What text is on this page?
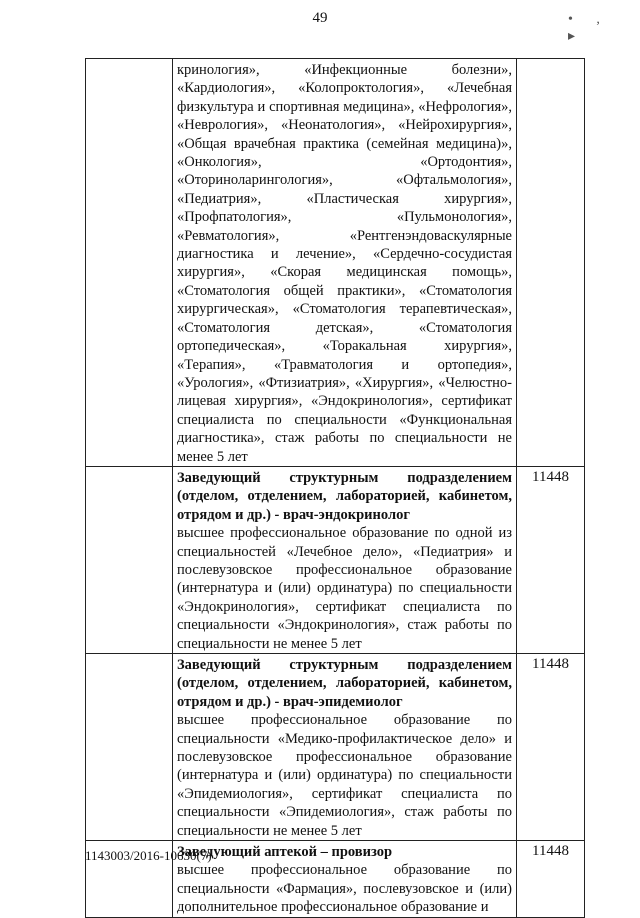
49	• , ▸

	кринология», «Инфекционные болезни», «Кардиология», «Колопроктология», «Лечебная физкультура и спортивная медицина», «Нефрология», «Неврология», «Неонатология», «Нейрохирургия», «Общая врачебная практика (семейная медицина)», «Онкология», «Ортодонтия», «Оториноларингология», «Офтальмология», «Педиатрия», «Пластическая хирургия», «Профпатология», «Пульмонология», «Ревматология», «Рентгенэндоваскулярные диагностика и лечение», «Сердечно-сосудистая хирургия», «Скорая медицинская помощь», «Стоматология общей практики», «Стоматология хирургическая», «Стоматология терапевтическая», «Стоматология детская», «Стоматология ортопедическая», «Торакальная хирургия», «Терапия», «Травматология и ортопедия», «Урология», «Фтизиатрия», «Хирургия», «Челюстно-лицевая хирургия», «Эндокринология», сертификат специалиста по специальности «Функциональная диагностика», стаж работы по специальности не менее 5 лет	

	Заведующий структурным подразделением (отделом, отделением, лабораторией, кабинетом, отрядом и др.) - врач-эндокринолог
высшее профессиональное образование по одной из специальностей «Лечебное дело», «Педиатрия» и послевузовское профессиональное образование (интернатура и (или) ординатура) по специальности «Эндокринология», сертификат специалиста по специальности «Эндокринология», стаж работы по специальности не менее 5 лет	11448

	Заведующий структурным подразделением (отделом, отделением, лабораторией, кабинетом, отрядом и др.) - врач-эпидемиолог
высшее профессиональное образование по специальности «Медико-профилактическое дело» и послевузовское профессиональное образование (интернатура и (или) ординатура) по специальности «Эпидемиология», сертификат специалиста по специальности «Эпидемиология», стаж работы по специальности не менее 5 лет	11448

	Заведующий аптекой – провизор
высшее профессиональное образование по специальности «Фармация», послевузовское и (или) дополнительное профессиональное образование и	11448
1143003/2016-10630(7)
